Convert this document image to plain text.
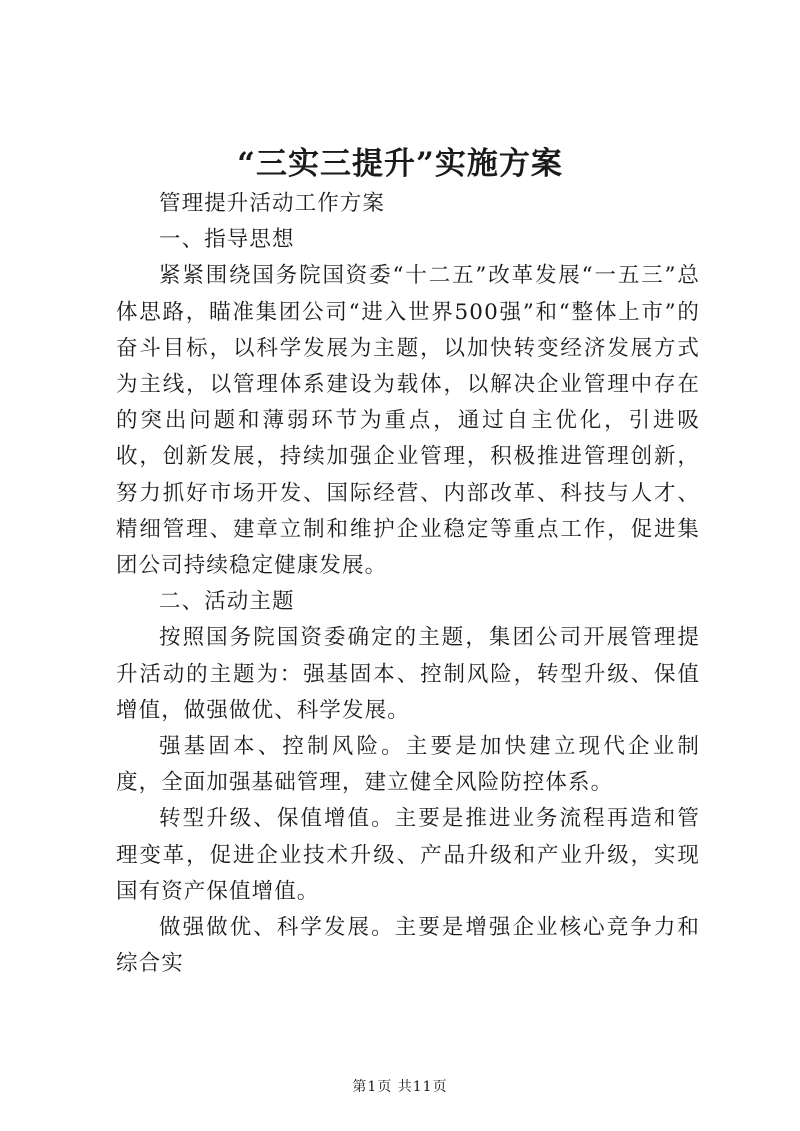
“三实三提升”实施方案

管理提升活动工作方案

一、指导思想

紧紧围绕国务院国资委“十二五”改革发展“一五三”总体思路，瞄准集团公司“进入世界500强”和“整体上市”的奋斗目标，以科学发展为主题，以加快转变经济发展方式为主线，以管理体系建设为载体，以解决企业管理中存在的突出问题和薄弱环节为重点，通过自主优化，引进吸收，创新发展，持续加强企业管理，积极推进管理创新，努力抓好市场开发、国际经营、内部改革、科技与人才、精细管理、建章立制和维护企业稳定等重点工作，促进集团公司持续稳定健康发展。

二、活动主题

按照国务院国资委确定的主题，集团公司开展管理提升活动的主题为：强基固本、控制风险，转型升级、保值增值，做强做优、科学发展。

强基固本、控制风险。主要是加快建立现代企业制度，全面加强基础管理，建立健全风险防控体系。

转型升级、保值增值。主要是推进业务流程再造和管理变革，促进企业技术升级、产品升级和产业升级，实现国有资产保值增值。

做强做优、科学发展。主要是增强企业核心竞争力和综合实

第1页 共11页
